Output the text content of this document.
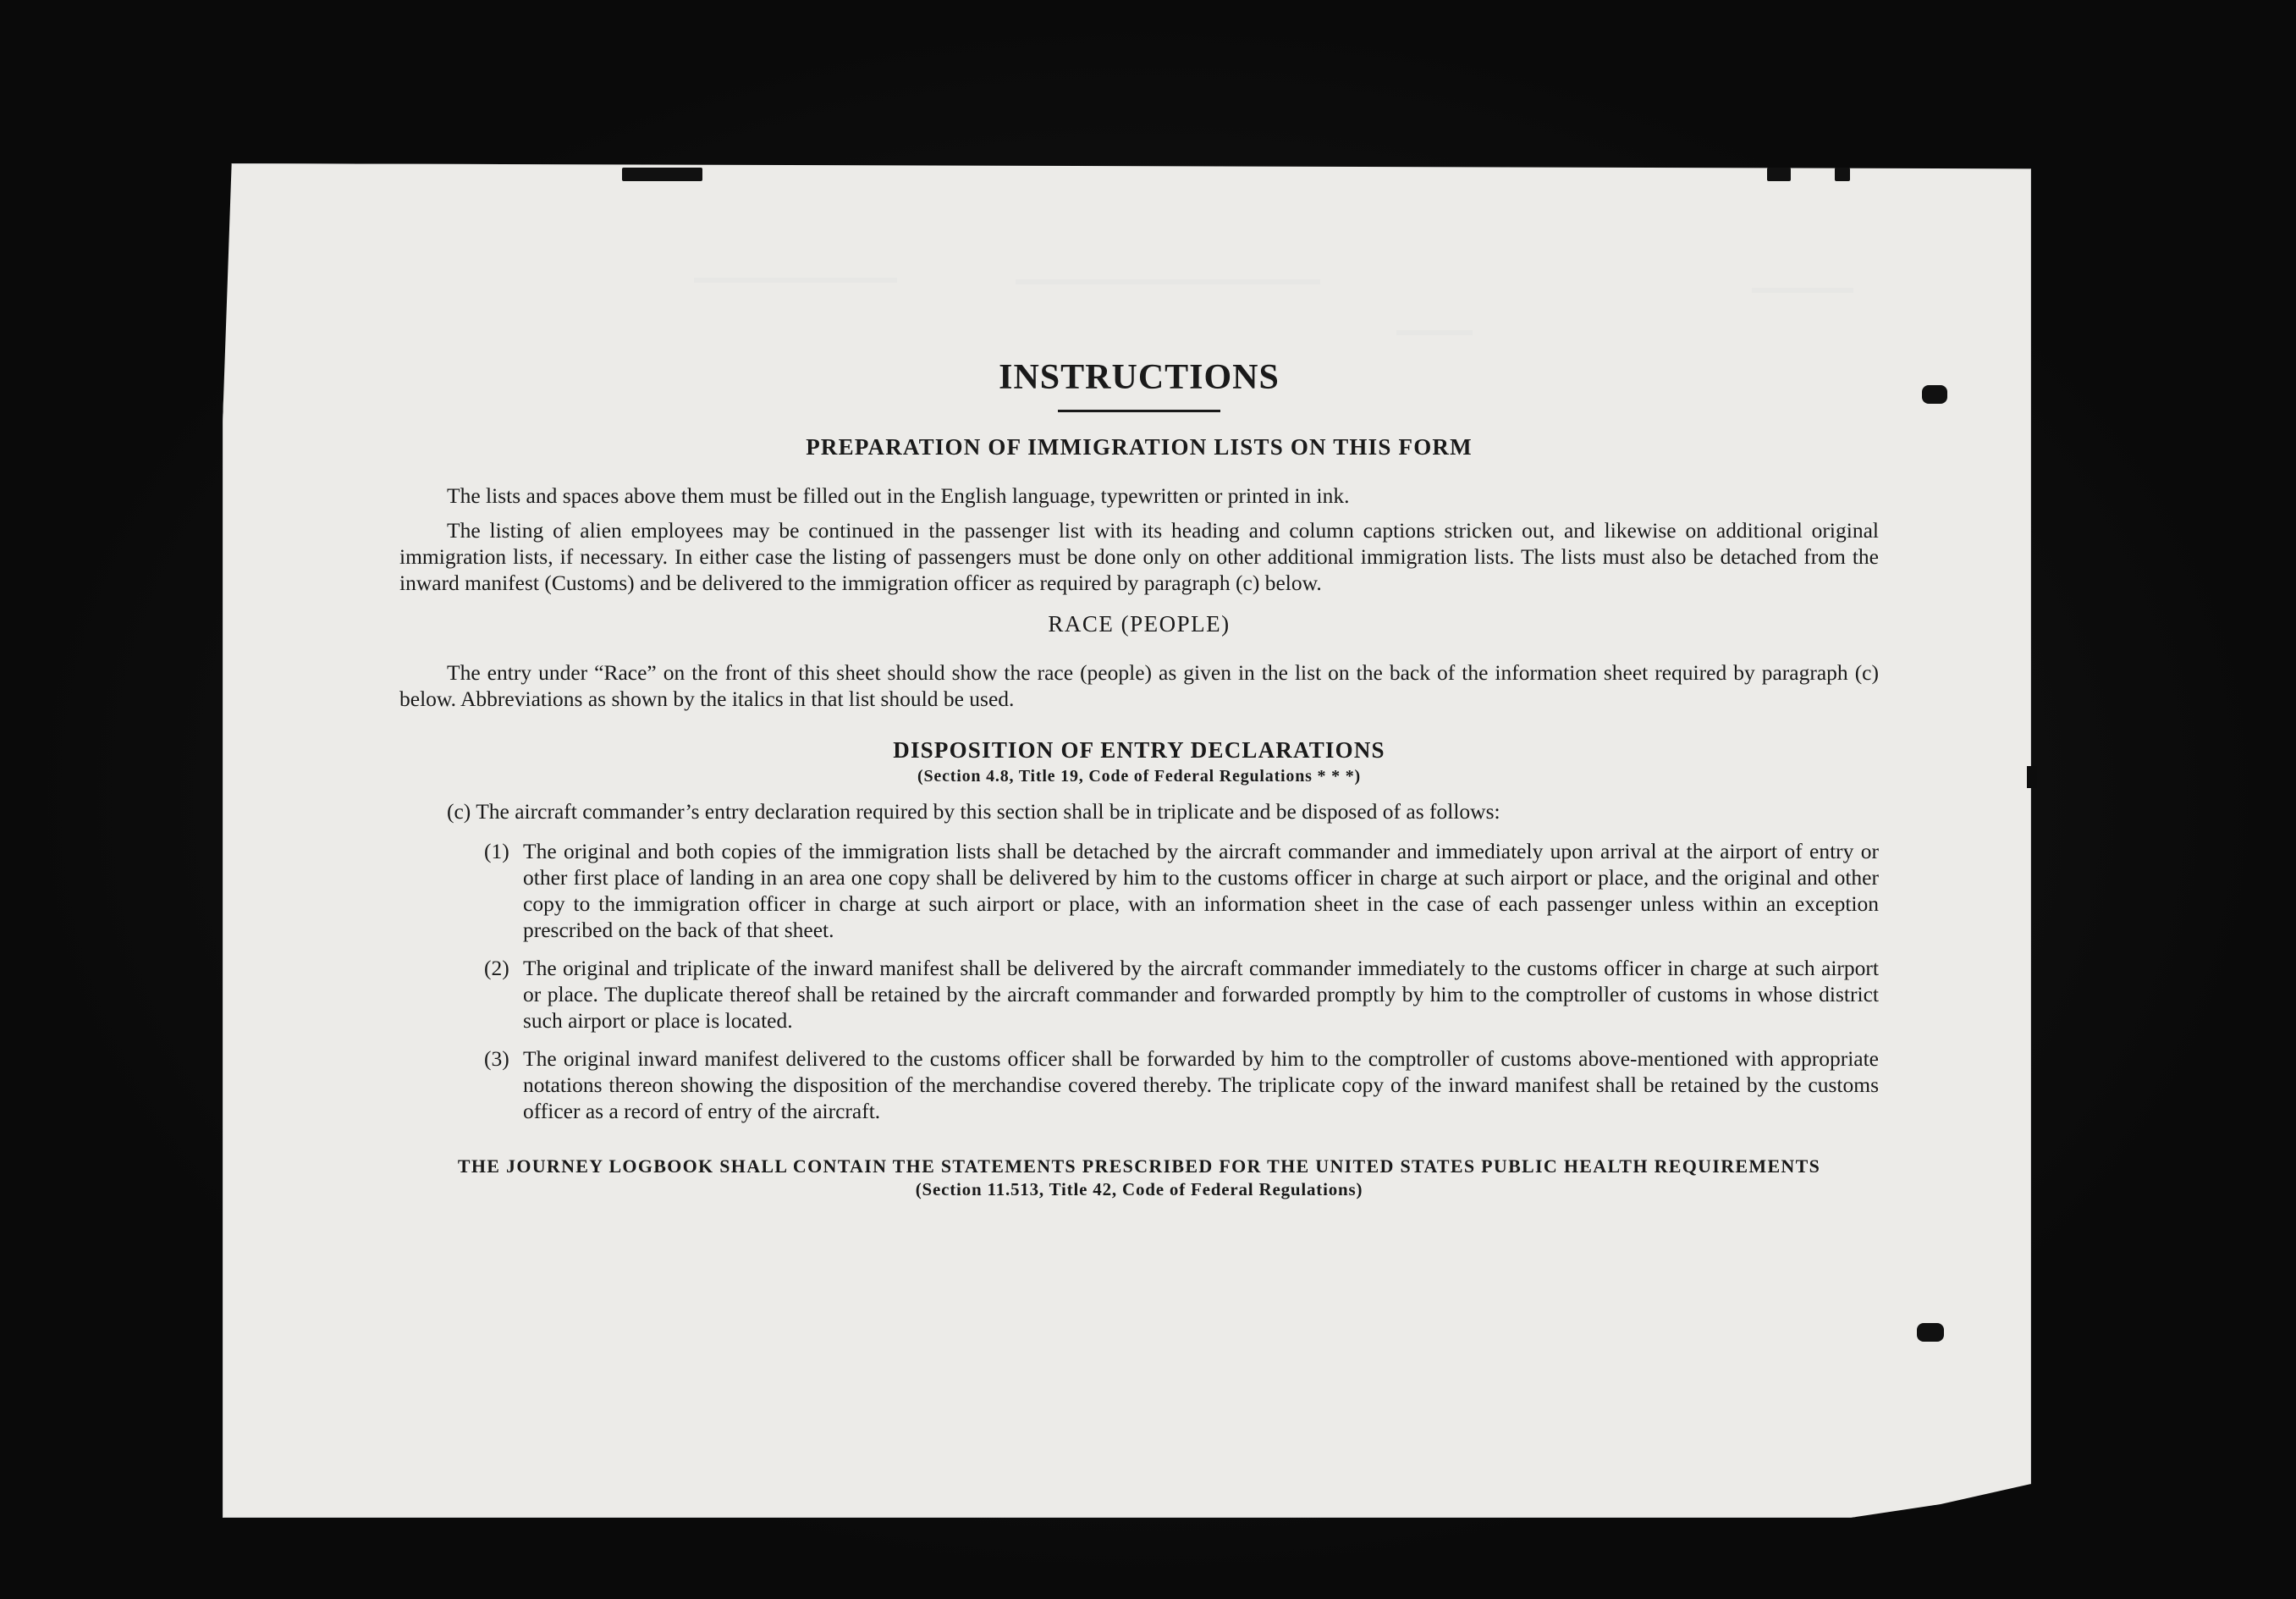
INSTRUCTIONS
PREPARATION OF IMMIGRATION LISTS ON THIS FORM

The lists and spaces above them must be filled out in the English language, typewritten or printed in ink.

The listing of alien employees may be continued in the passenger list with its heading and column captions stricken out, and likewise on additional original immigration lists, if necessary. In either case the listing of passengers must be done only on other additional immigration lists. The lists must also be detached from the inward manifest (Customs) and be delivered to the immigration officer as required by paragraph (c) below.

RACE (PEOPLE)

The entry under “Race” on the front of this sheet should show the race (people) as given in the list on the back of the information sheet required by paragraph (c) below. Abbreviations as shown by the italics in that list should be used.

DISPOSITION OF ENTRY DECLARATIONS
(Section 4.8, Title 19, Code of Federal Regulations * * *)
(c) The aircraft commander’s entry declaration required by this section shall be in triplicate and be disposed of as follows:
(1) The original and both copies of the immigration lists shall be detached by the aircraft commander and immediately upon arrival at the airport of entry or other first place of landing in an area one copy shall be delivered by him to the customs officer in charge at such airport or place, and the original and other copy to the immigration officer in charge at such airport or place, with an information sheet in the case of each passenger unless within an exception prescribed on the back of that sheet.
(2) The original and triplicate of the inward manifest shall be delivered by the aircraft commander immediately to the customs officer in charge at such airport or place. The duplicate thereof shall be retained by the aircraft commander and forwarded promptly by him to the comptroller of customs in whose district such airport or place is located.
(3) The original inward manifest delivered to the customs officer shall be forwarded by him to the comptroller of customs above-mentioned with appropriate notations thereon showing the disposition of the merchandise covered thereby. The triplicate copy of the inward manifest shall be retained by the customs officer as a record of entry of the aircraft.
THE JOURNEY LOGBOOK SHALL CONTAIN THE STATEMENTS PRESCRIBED FOR THE UNITED STATES PUBLIC HEALTH REQUIREMENTS
(Section 11.513, Title 42, Code of Federal Regulations)
